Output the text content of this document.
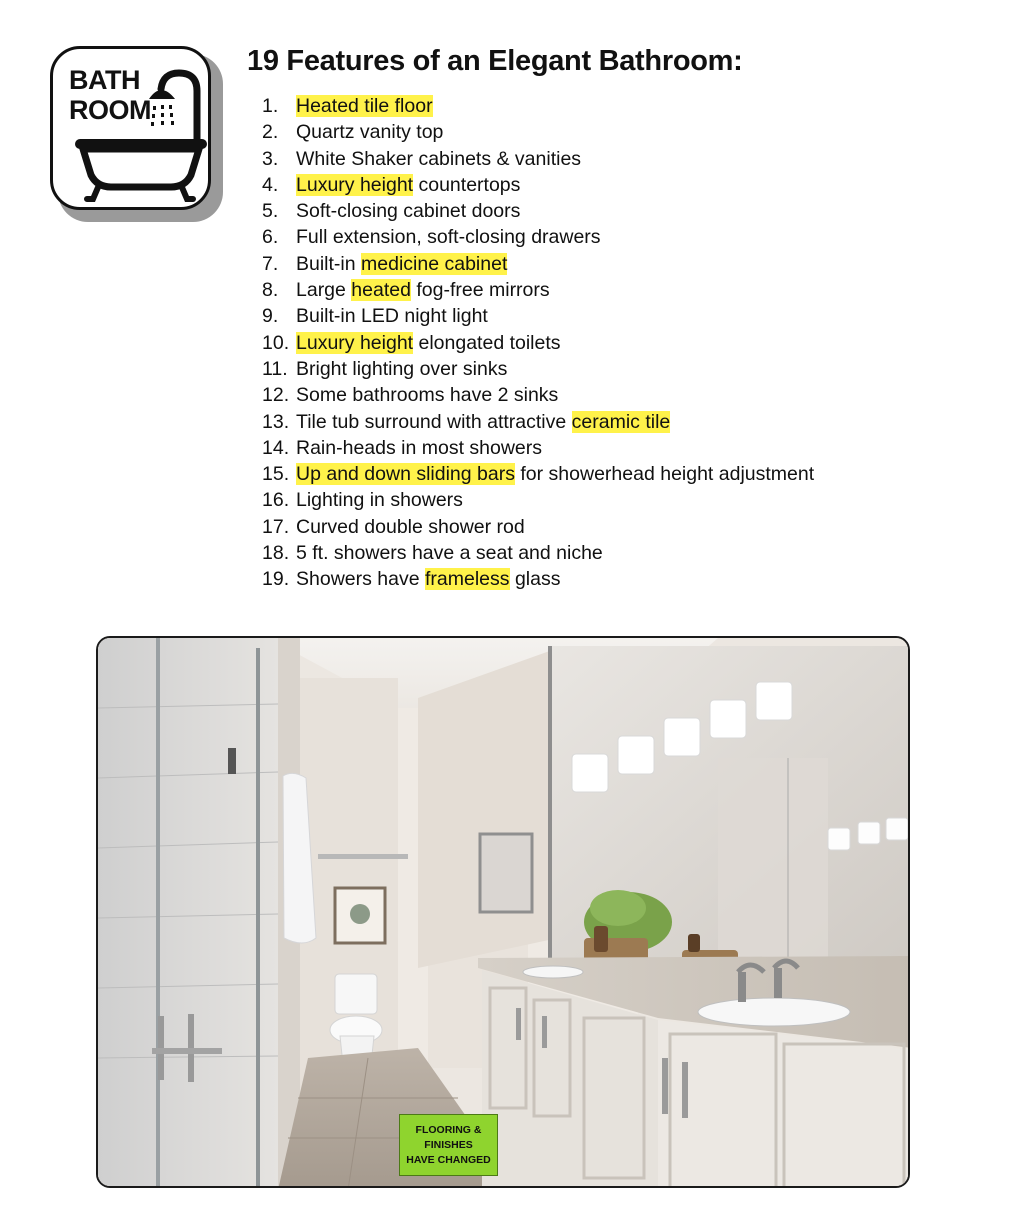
BATH
ROOM
19 Features of an Elegant Bathroom:
1. Heated tile floor
2. Quartz vanity top
3. White Shaker cabinets & vanities
4. Luxury height countertops
5. Soft-closing cabinet doors
6. Full extension, soft-closing drawers
7. Built-in medicine cabinet
8. Large heated fog-free mirrors
9. Built-in LED night light
10. Luxury height elongated toilets
11. Bright lighting over sinks
12. Some bathrooms have 2 sinks
13. Tile tub surround with attractive ceramic tile
14. Rain-heads in most showers
15. Up and down sliding bars for showerhead height adjustment
16. Lighting in showers
17. Curved double shower rod
18. 5 ft. showers have a seat and niche
19. Showers have frameless glass
FLOORING &
FINISHES
HAVE CHANGED
